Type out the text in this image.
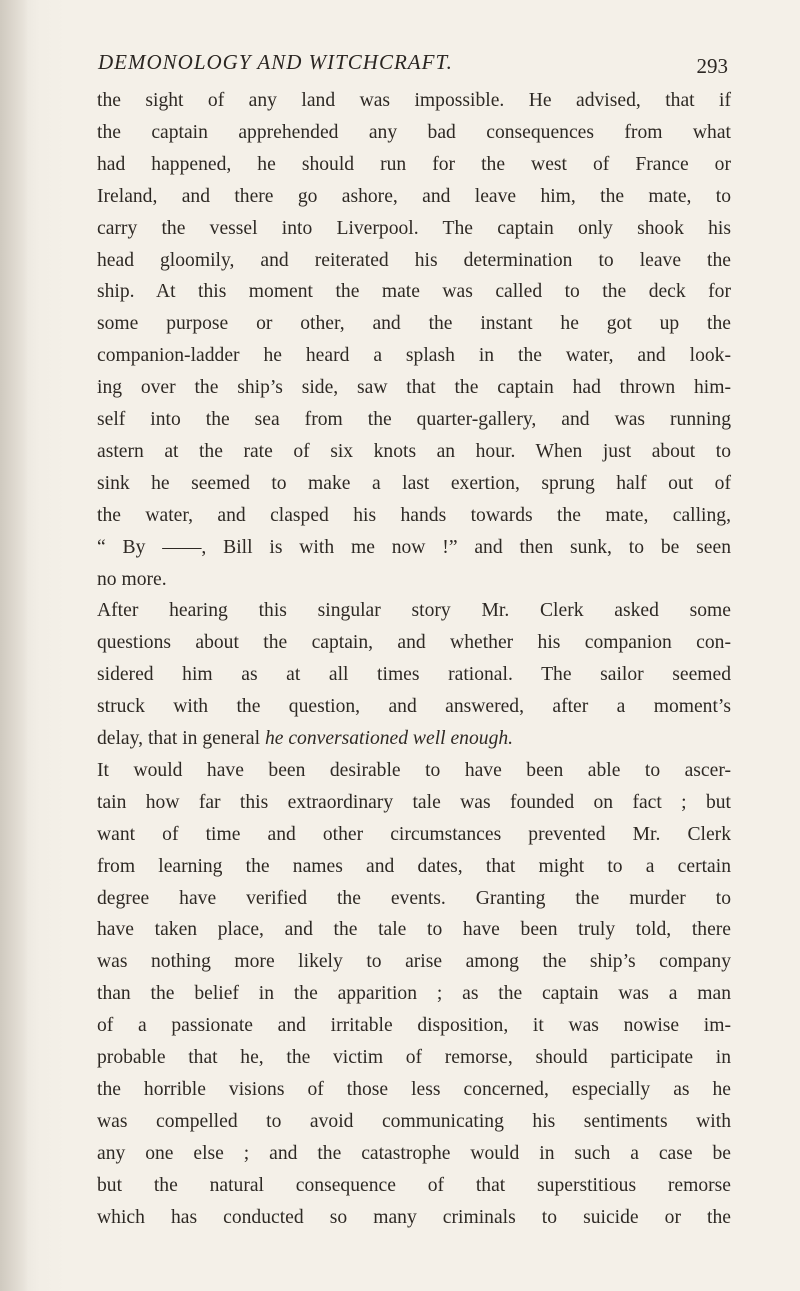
DEMONOLOGY AND WITCHCRAFT.	293
the sight of any land was impossible. He advised, that if
the captain apprehended any bad consequences from what
had happened, he should run for the west of France or
Ireland, and there go ashore, and leave him, the mate, to
carry the vessel into Liverpool. The captain only shook his
head gloomily, and reiterated his determination to leave the
ship. At this moment the mate was called to the deck for
some purpose or other, and the instant he got up the
companion-ladder he heard a splash in the water, and look-
ing over the ship’s side, saw that the captain had thrown him-
self into the sea from the quarter-gallery, and was running
astern at the rate of six knots an hour. When just about to
sink he seemed to make a last exertion, sprung half out of
the water, and clasped his hands towards the mate, calling,
“ By ——, Bill is with me now !” and then sunk, to be seen
no more.
After hearing this singular story Mr. Clerk asked some
questions about the captain, and whether his companion con-
sidered him as at all times rational. The sailor seemed
struck with the question, and answered, after a moment’s
delay, that in general he conversationed well enough.
It would have been desirable to have been able to ascer-
tain how far this extraordinary tale was founded on fact ; but
want of time and other circumstances prevented Mr. Clerk
from learning the names and dates, that might to a certain
degree have verified the events. Granting the murder to
have taken place, and the tale to have been truly told, there
was nothing more likely to arise among the ship’s company
than the belief in the apparition ; as the captain was a man
of a passionate and irritable disposition, it was nowise im-
probable that he, the victim of remorse, should participate in
the horrible visions of those less concerned, especially as he
was compelled to avoid communicating his sentiments with
any one else ; and the catastrophe would in such a case be
but the natural consequence of that superstitious remorse
which has conducted so many criminals to suicide or the
